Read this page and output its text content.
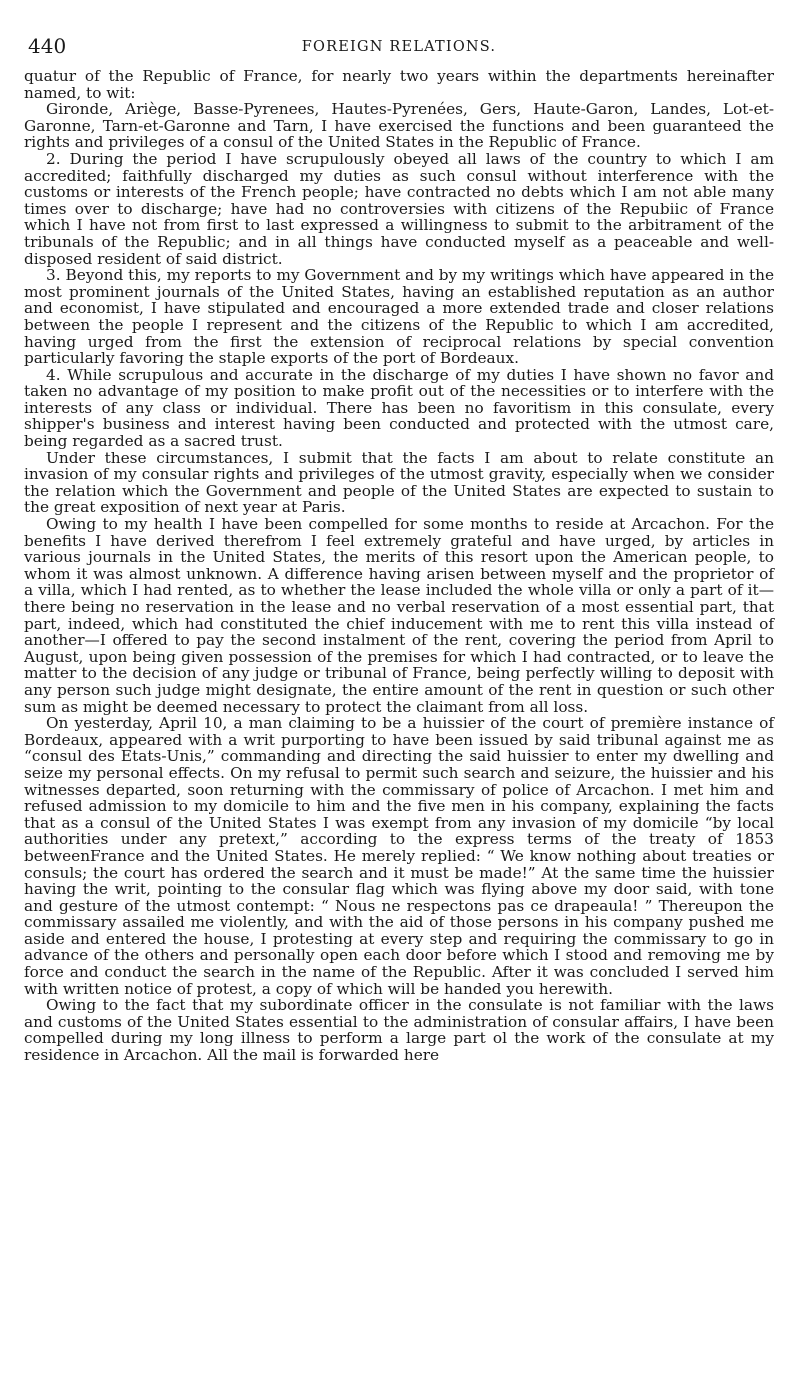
440	FOREIGN RELATIONS.

quatur of the Republic of France, for nearly two years within the departments hereinafter named, to wit:

Gironde, Ariège, Basse-Pyrenees, Hautes-Pyrenées, Gers, Haute-Garon, Landes, Lot-et-Garonne, Tarn-et-Garonne and Tarn, I have exercised the functions and been guaranteed the rights and privileges of a consul of the United States in the Republic of France.

2. During the period I have scrupulously obeyed all laws of the country to which I am accredited; faithfully discharged my duties as such consul without interference with the customs or interests of the French people; have contracted no debts which I am not able many times over to discharge; have had no controversies with citizens of the Repubiic of France which I have not from first to last expressed a willingness to submit to the arbitrament of the tribunals of the Republic; and in all things have conducted myself as a peaceable and well-disposed resident of said district.

3. Beyond this, my reports to my Government and by my writings which have appeared in the most prominent journals of the United States, having an established reputation as an author and economist, I have stipulated and encouraged a more extended trade and closer relations between the people I represent and the citizens of the Republic to which I am accredited, having urged from the first the extension of reciprocal relations by special convention particularly favoring the staple exports of the port of Bordeaux.

4. While scrupulous and accurate in the discharge of my duties I have shown no favor and taken no advantage of my position to make profit out of the necessities or to interfere with the interests of any class or individual. There has been no favoritism in this consulate, every shipper's business and interest having been conducted and protected with the utmost care, being regarded as a sacred trust.

Under these circumstances, I submit that the facts I am about to relate constitute an invasion of my consular rights and privileges of the utmost gravity, especially when we consider the relation which the Government and people of the United States are expected to sustain to the great exposition of next year at Paris.

Owing to my health I have been compelled for some months to reside at Arcachon. For the benefits I have derived therefrom I feel extremely grateful and have urged, by articles in various journals in the United States, the merits of this resort upon the American people, to whom it was almost unknown. A difference having arisen between myself and the proprietor of a villa, which I had rented, as to whether the lease included the whole villa or only a part of it—there being no reservation in the lease and no verbal reservation of a most essential part, that part, indeed, which had constituted the chief inducement with me to rent this villa instead of another—I offered to pay the second instalment of the rent, covering the period from April to August, upon being given possession of the premises for which I had contracted, or to leave the matter to the decision of any judge or tribunal of France, being perfectly willing to deposit with any person such judge might designate, the entire amount of the rent in question or such other sum as might be deemed necessary to protect the claimant from all loss.

On yesterday, April 10, a man claiming to be a huissier of the court of première instance of Bordeaux, appeared with a writ purporting to have been issued by said tribunal against me as “consul des Etats-Unis,” commanding and directing the said huissier to enter my dwelling and seize my personal effects. On my refusal to permit such search and seizure, the huissier and his witnesses departed, soon returning with the commissary of police of Arcachon. I met him and refused admission to my domicile to him and the five men in his company, explaining the facts that as a consul of the United States I was exempt from any invasion of my domicile “by local authorities under any pretext,” according to the express terms of the treaty of 1853 betweenFrance and the United States. He merely replied: “ We know nothing about treaties or consuls; the court has ordered the search and it must be made!” At the same time the huissier having the writ, pointing to the consular flag which was flying above my door said, with tone and gesture of the utmost contempt: “ Nous ne respectons pas ce drapeaula! ” Thereupon the commissary assailed me violently, and with the aid of those persons in his company pushed me aside and entered the house, I protesting at every step and requiring the commissary to go in advance of the others and personally open each door before which I stood and removing me by force and conduct the search in the name of the Republic. After it was concluded I served him with written notice of protest, a copy of which will be handed you herewith.

Owing to the fact that my subordinate officer in the consulate is not familiar with the laws and customs of the United States essential to the administration of consular affairs, I have been compelled during my long illness to perform a large part ol the work of the consulate at my residence in Arcachon. All the mail is forwarded here
